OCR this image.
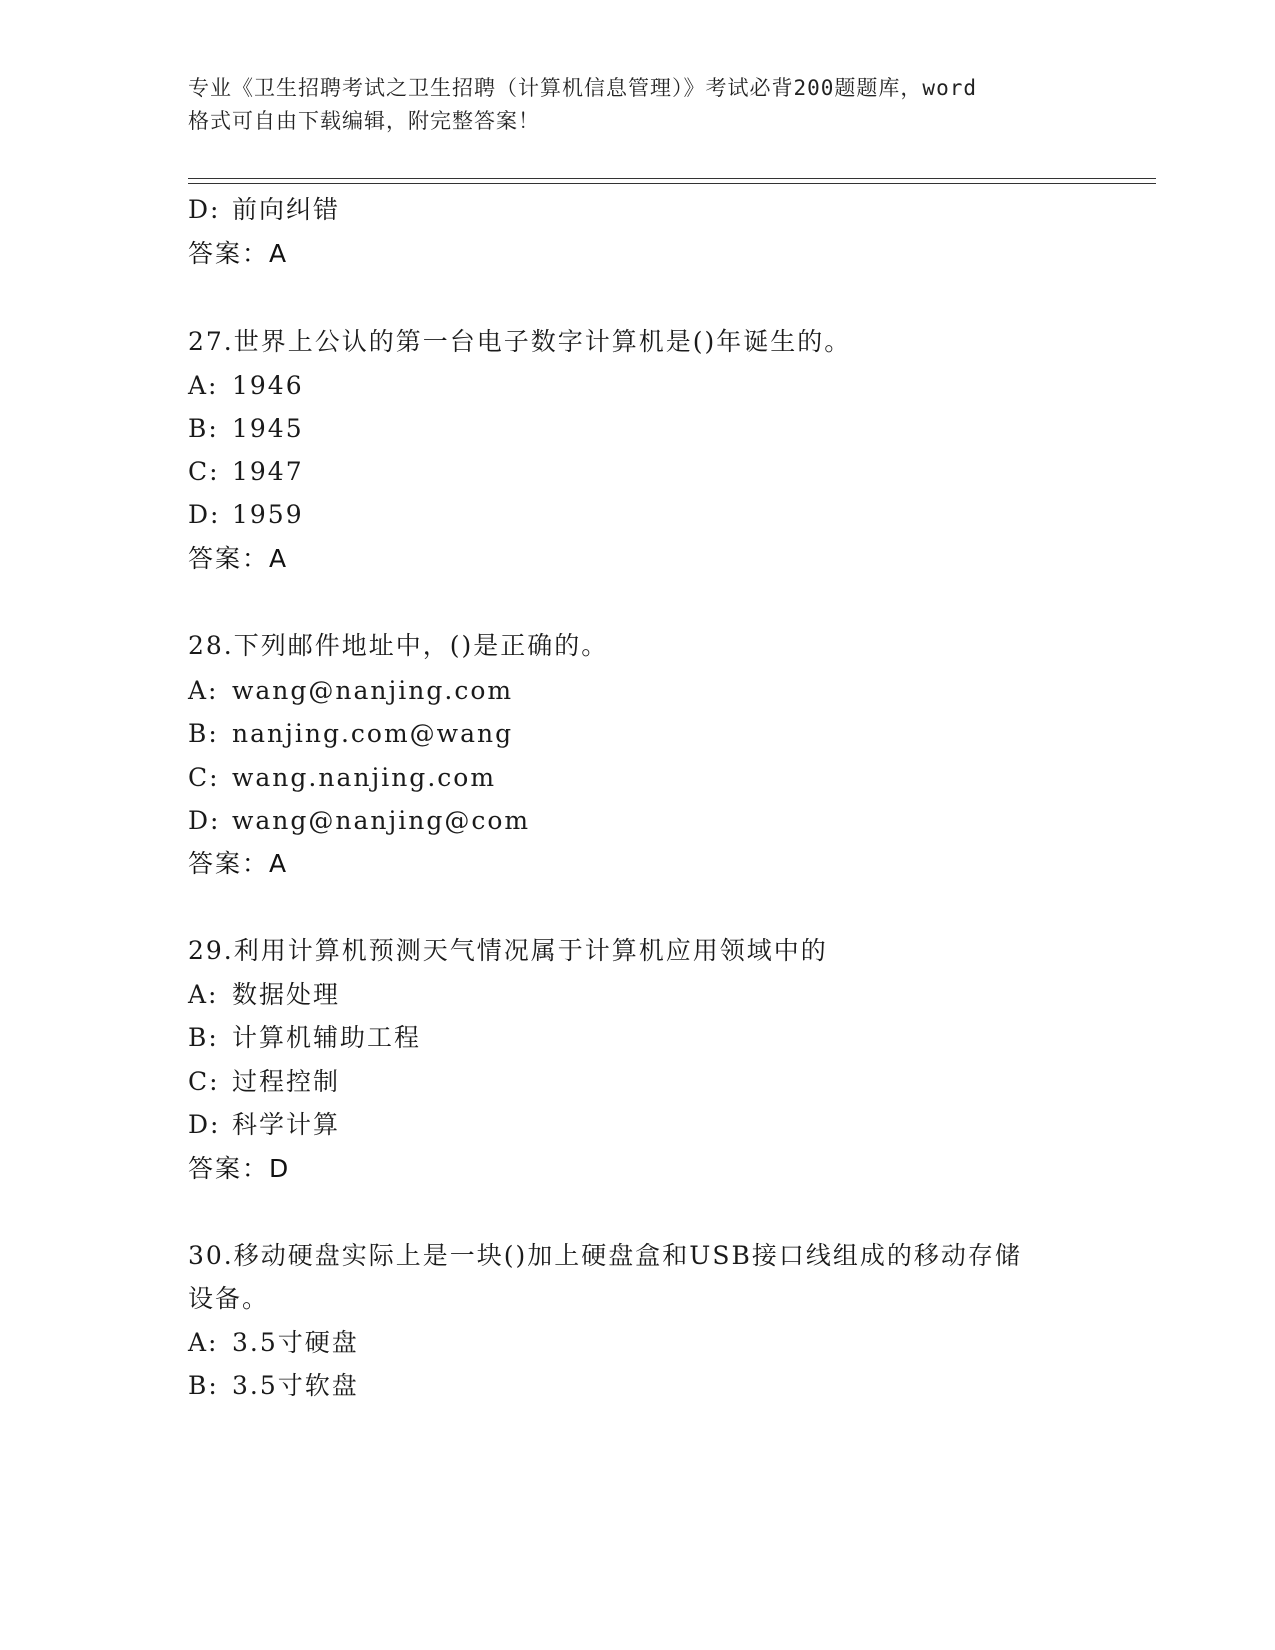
专业《卫生招聘考试之卫生招聘（计算机信息管理）》考试必背200题题库，word
格式可自由下载编辑，附完整答案！
D: 前向纠错
答案：A
27.世界上公认的第一台电子数字计算机是()年诞生的。
A: 1946
B: 1945
C: 1947
D: 1959
答案：A
28.下列邮件地址中，()是正确的。
A: wang@nanjing.com
B: nanjing.com@wang
C: wang.nanjing.com
D: wang@nanjing@com
答案：A
29.利用计算机预测天气情况属于计算机应用领域中的
A: 数据处理
B: 计算机辅助工程
C: 过程控制
D: 科学计算
答案：D
30.移动硬盘实际上是一块()加上硬盘盒和USB接口线组成的移动存储
设备。
A: 3.5寸硬盘
B: 3.5寸软盘
